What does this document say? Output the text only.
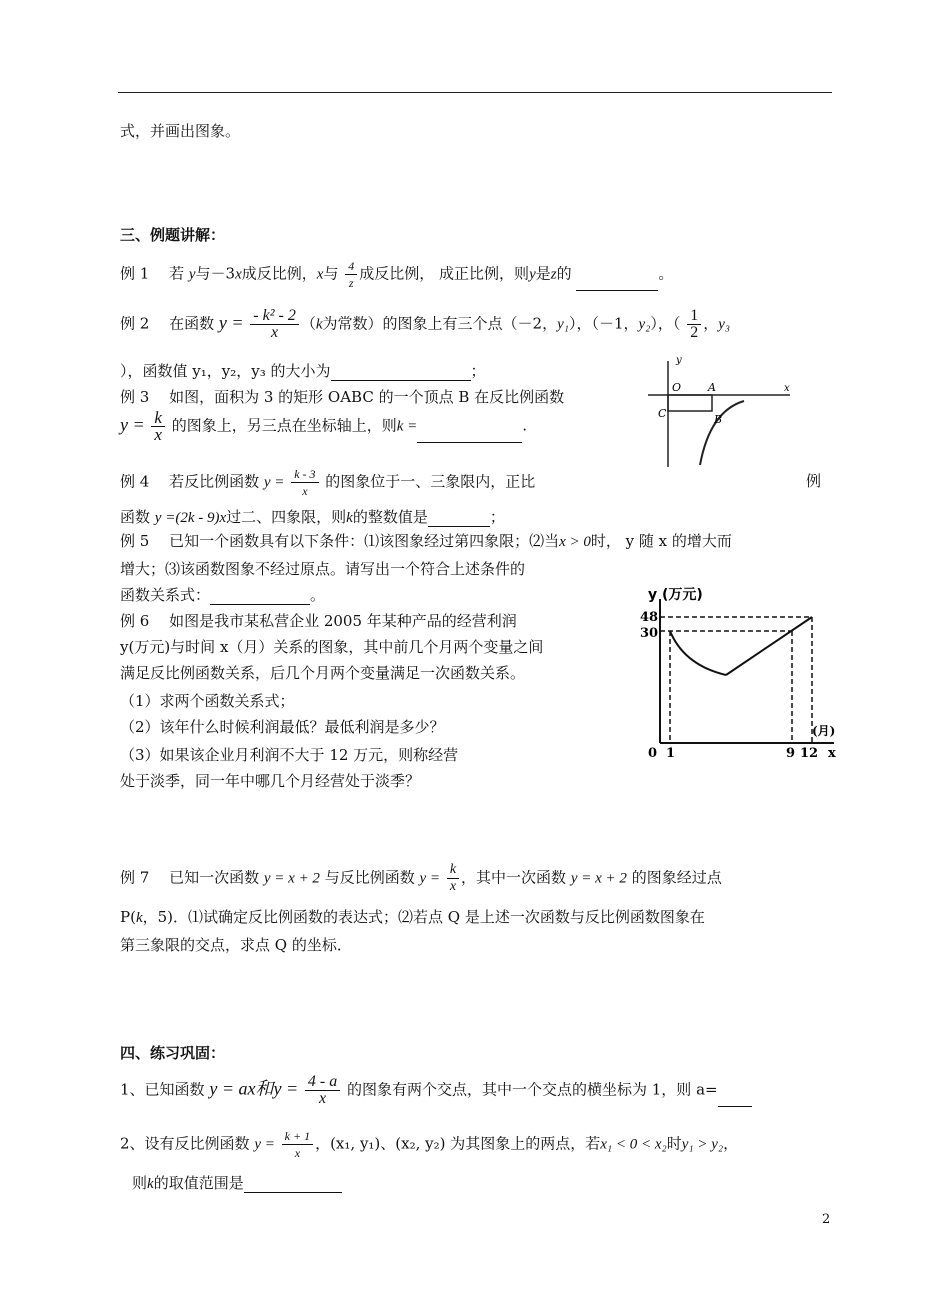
式，并画出图象。
三、例题讲解：
例 1　 若 y与－3x成反比例，x与 $\frac{4}{z}$ 成反比例， 成正比例，则y是z的	。
例 2　 在函数 $y = \frac{\text{- k² - 2}}{x} (k$为常数）的图象上有三个点（－2，y₁），（－1，y₂），（ $\frac{1}{2}$ ，y₃
），函数值 y₁，y₂，y₃ 的大小为	；
例 3　 如图，面积为 3 的矩形 OABC 的一个顶点 B 在反比例函数
$y = \frac{k}{x}$ 的图象上，另三点在坐标轴上，则k =	.
例 4　 若反比例函数 $y = \frac{k - 3}{x}$ 的图象位于一、三象限内，正比	例
函数 y =(2k - 9)x过二、四象限，则k的整数值是	；
例 5　 已知一个函数具有以下条件：⑴该图象经过第四象限；⑵当x > 0时， y 随 x 的增大而
增大；⑶该函数图象不经过原点。请写出一个符合上述条件的
函数关系式：	。
例 6　 如图是我市某私营企业 2005 年某种产品的经营利润
y(万元)与时间 x（月）关系的图象，其中前几个月两个变量之间
满足反比例函数关系，后几个月两个变量满足一次函数关系。
（1）求两个函数关系式；
（2）该年什么时候利润最低？最低利润是多少？
（3）如果该企业月利润不大于 12 万元，则称经营
处于淡季，同一年中哪几个月经营处于淡季？
例 7　 已知一次函数 y = x + 2 与反比例函数 $y = \frac{k}{x}$ ，其中一次函数 y = x + 2 的图象经过点
P(k，5)．⑴试确定反比例函数的表达式；⑵若点 Q 是上述一次函数与反比例函数图象在
第三象限的交点，求点 Q 的坐标．
四、练习巩固：
1、已知函数 y = ax和$y = \frac{4 - a}{x}$ 的图象有两个交点，其中一个交点的横坐标为 1，则 a=
2、设有反比例函数 $y = \frac{k + 1}{x}$ ，(x₁, y₁)、(x₂, y₂) 为其图象上的两点，若x₁ < 0 < x₂时y₁ > y₂，
则k的取值范围是
y
x
O A
B
C
y (万元)
48
30
0 1	9 12
(月)
x
2
